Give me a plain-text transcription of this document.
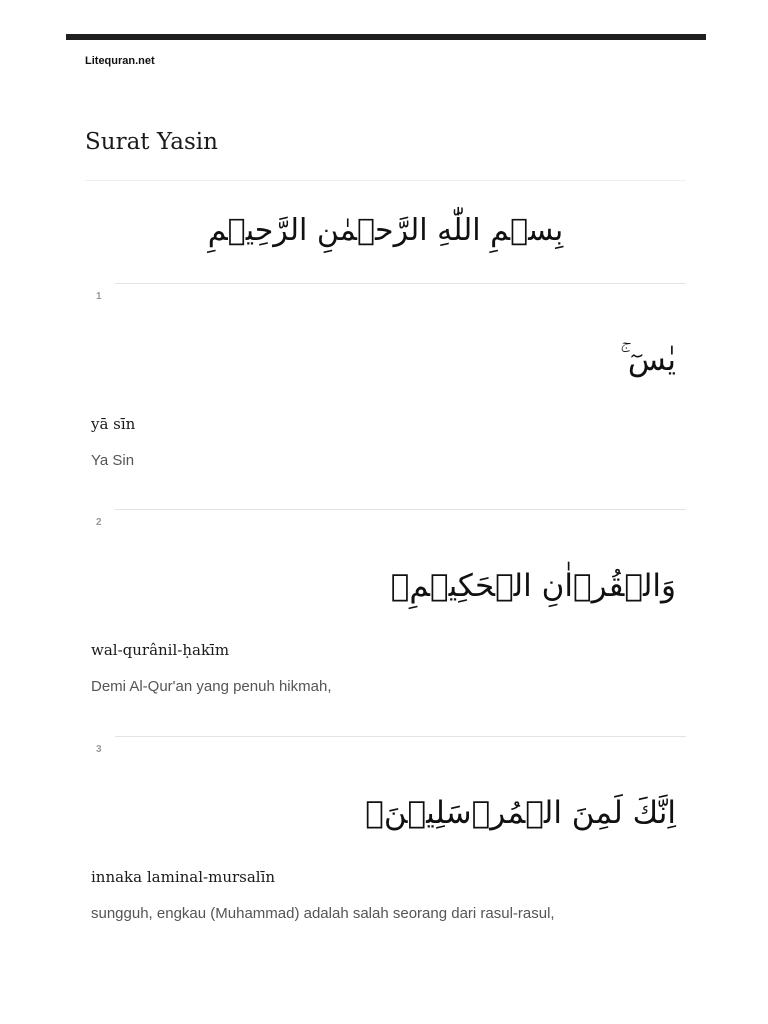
Litequran.net
Surat Yasin
بِسۡمِ اللّٰهِ الرَّحۡمٰنِ الرَّحِيۡمِ
1
يٰسٓ ۚ
yā sīn
Ya Sin
2
وَالۡقُرۡاٰنِ الۡحَكِيۡمِۙ
wal-qurânil-ḥakīm
Demi Al-Qur'an yang penuh hikmah,
3
اِنَّكَ لَمِنَ الۡمُرۡسَلِيۡنَۙ
innaka laminal-mursalīn
sungguh, engkau (Muhammad) adalah salah seorang dari rasul-rasul,
